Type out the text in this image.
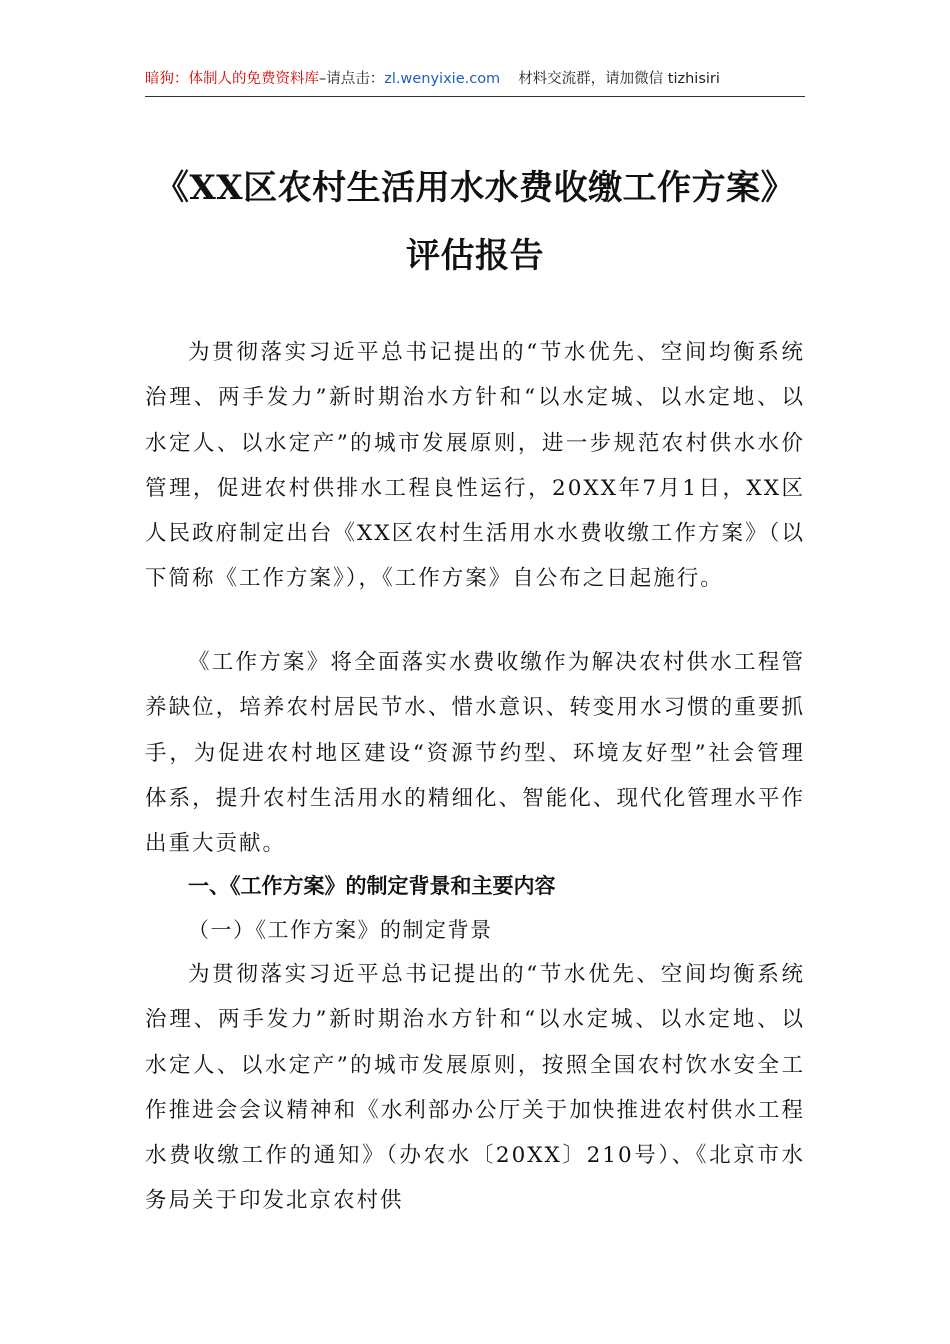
暗狗：体制人的免费资料库–请点击：zl.wenyixie.com 材料交流群，请加微信 tizhisiri
《XX区农村生活用水水费收缴工作方案》
评估报告

为贯彻落实习近平总书记提出的“节水优先、空间均衡系统治理、两手发力”新时期治水方针和“以水定城、以水定地、以水定人、以水定产”的城市发展原则，进一步规范农村供水水价管理，促进农村供排水工程良性运行，20XX年7月1日，XX区人民政府制定出台《XX区农村生活用水水费收缴工作方案》（以下简称《工作方案》），《工作方案》自公布之日起施行。

《工作方案》将全面落实水费收缴作为解决农村供水工程管养缺位，培养农村居民节水、惜水意识、转变用水习惯的重要抓手，为促进农村地区建设“资源节约型、环境友好型”社会管理体系，提升农村生活用水的精细化、智能化、现代化管理水平作出重大贡献。

一、《工作方案》的制定背景和主要内容
（一）《工作方案》的制定背景

为贯彻落实习近平总书记提出的“节水优先、空间均衡系统治理、两手发力”新时期治水方针和“以水定城、以水定地、以水定人、以水定产”的城市发展原则，按照全国农村饮水安全工作推进会会议精神和《水利部办公厅关于加快推进农村供水工程水费收缴工作的通知》（办农水〔20XX〕210号）、《北京市水务局关于印发北京农村供
